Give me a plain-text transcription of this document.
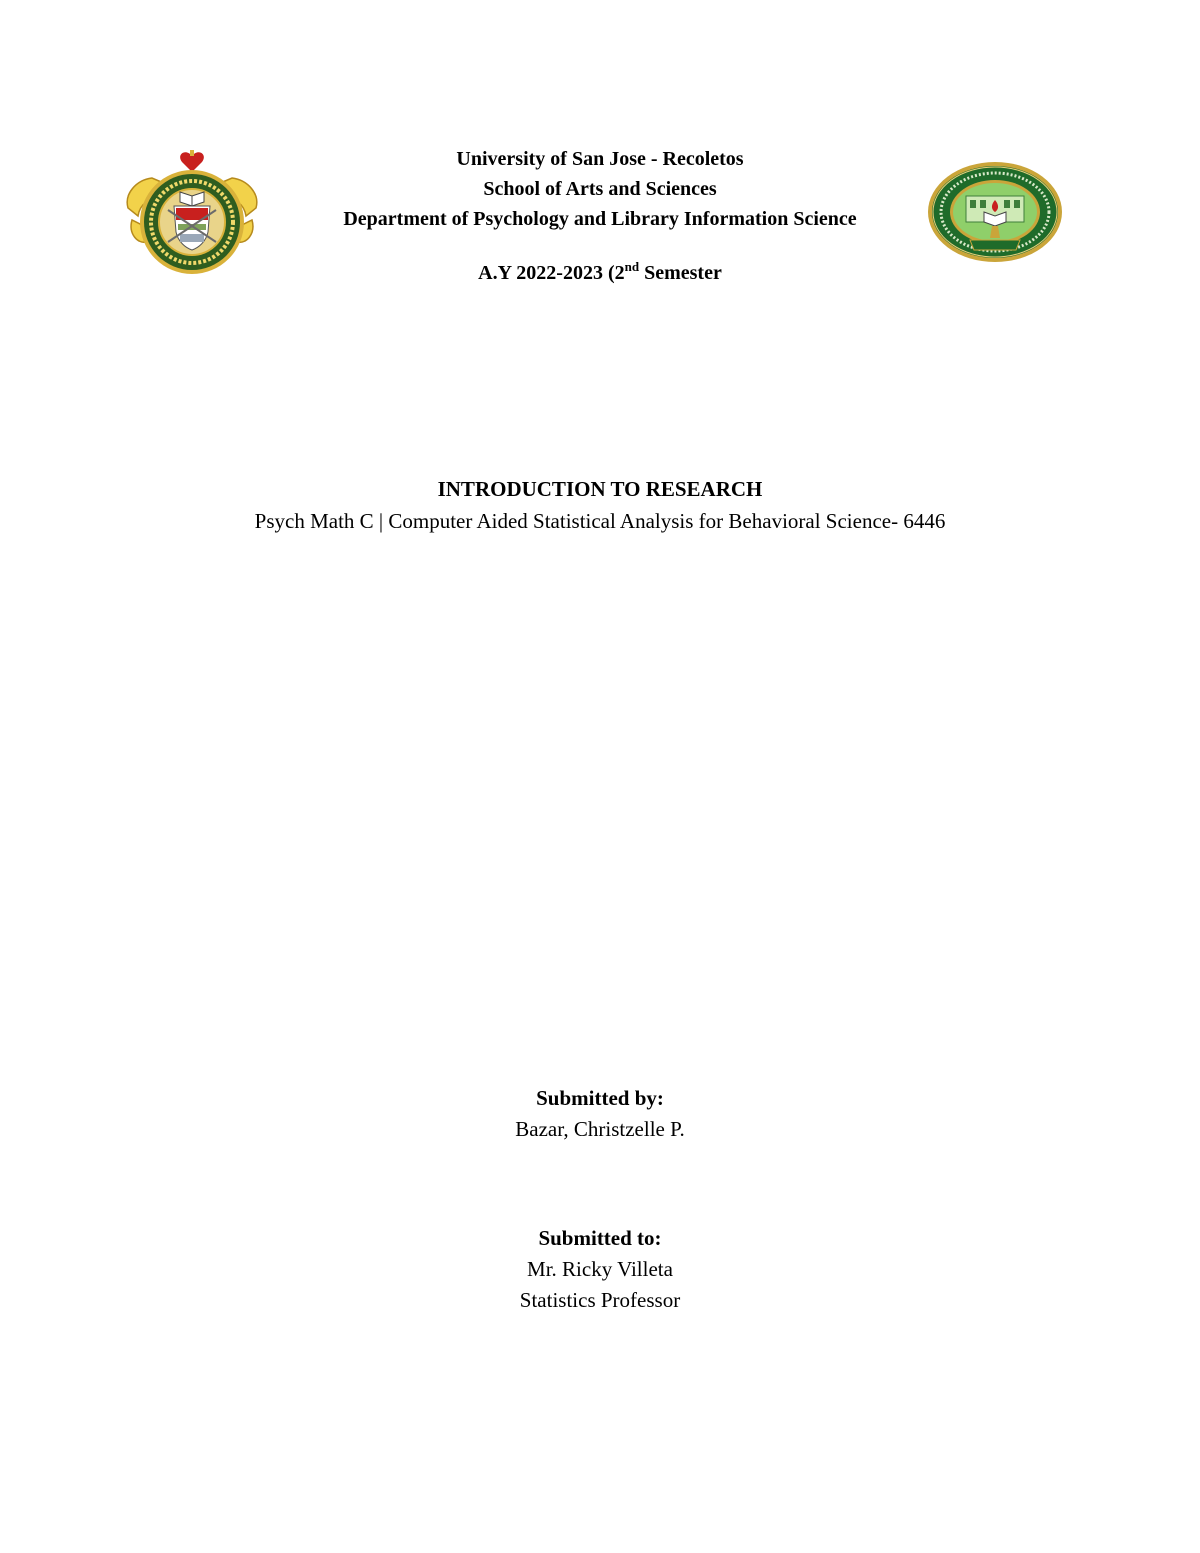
University of San Jose - Recoletos
School of Arts and Sciences
Department of Psychology and Library Information Science
A.Y 2022-2023 (2nd Semester
INTRODUCTION TO RESEARCH
Psych Math C | Computer Aided Statistical Analysis for Behavioral Science- 6446
Submitted by:
Bazar, Christzelle P.
Submitted to:
Mr. Ricky Villeta
Statistics Professor
